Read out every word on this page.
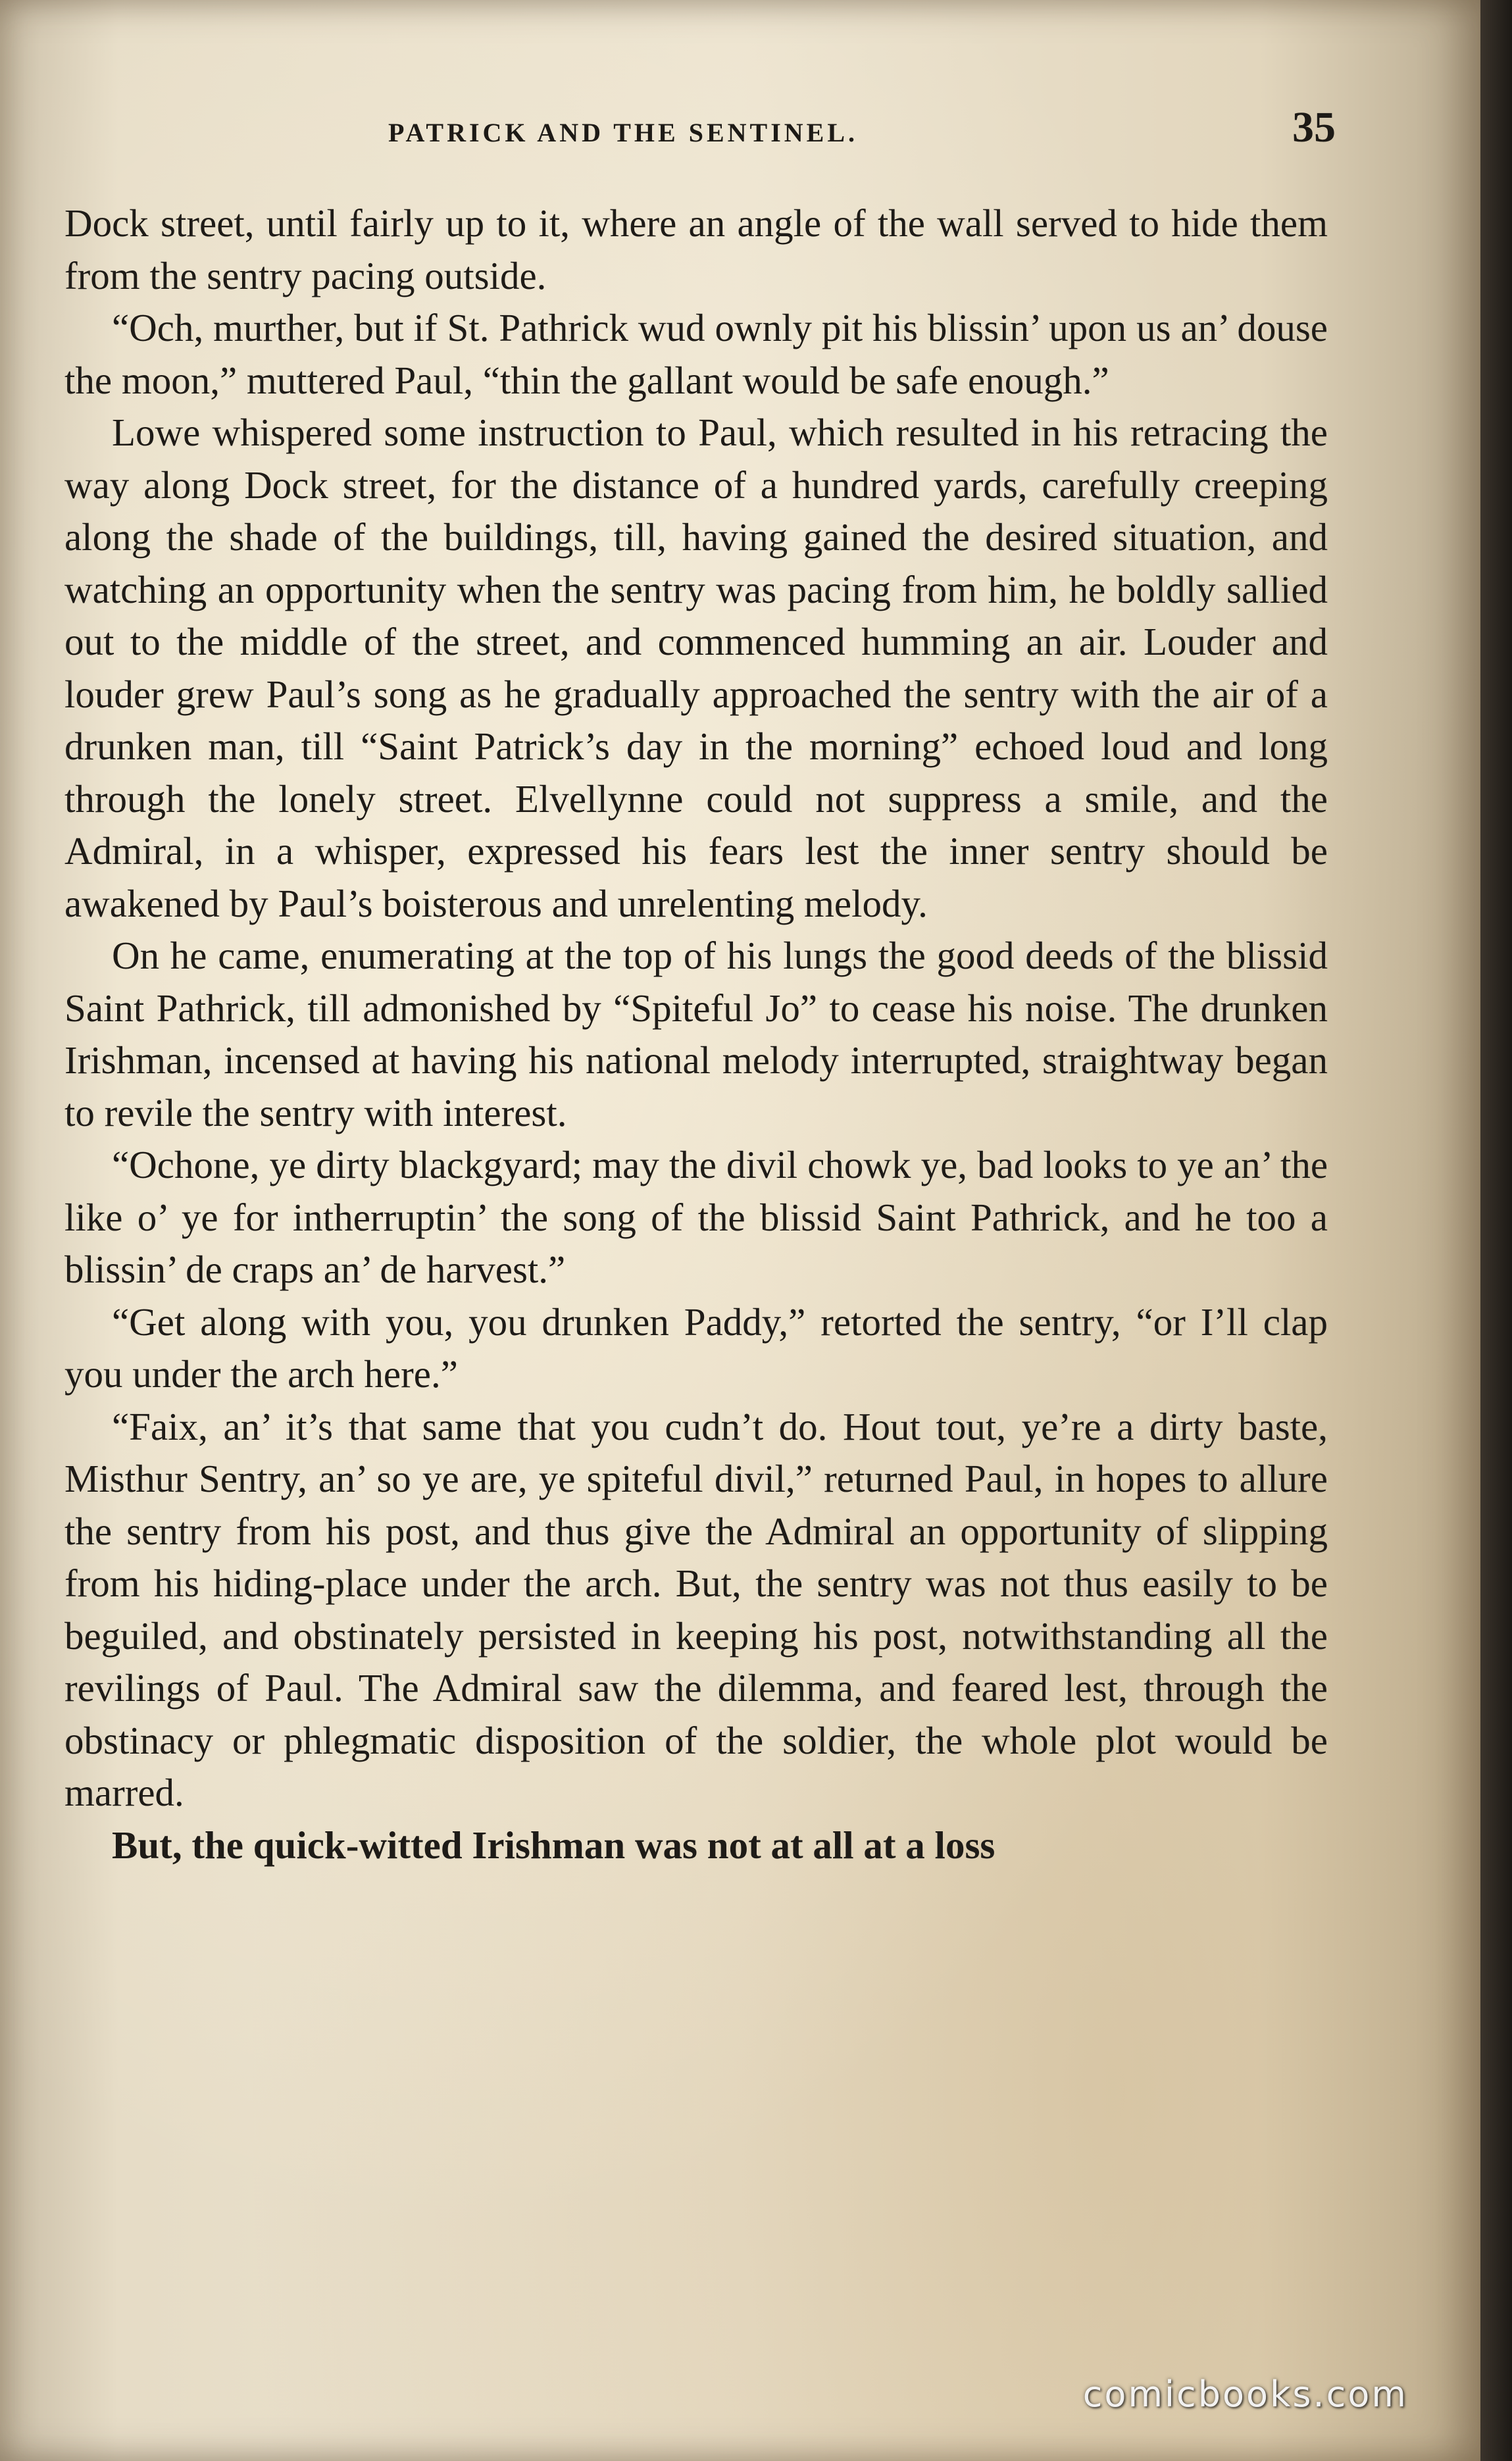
PATRICK AND THE SENTINEL.	35

Dock street, until fairly up to it, where an angle of the wall served to hide them from the sentry pacing outside.

“Och, murther, but if St. Pathrick wud ownly pit his blissin’ upon us an’ douse the moon,” muttered Paul, “thin the gallant would be safe enough.”

Lowe whispered some instruction to Paul, which resulted in his retracing the way along Dock street, for the distance of a hundred yards, carefully creeping along the shade of the buildings, till, having gained the desired situation, and watching an opportunity when the sentry was pacing from him, he boldly sallied out to the middle of the street, and commenced humming an air. Louder and louder grew Paul’s song as he gradually approached the sentry with the air of a drunken man, till “Saint Patrick’s day in the morning” echoed loud and long through the lonely street. Elvellynne could not suppress a smile, and the Admiral, in a whisper, expressed his fears lest the inner sentry should be awakened by Paul’s boisterous and unrelenting melody.

On he came, enumerating at the top of his lungs the good deeds of the blissid Saint Pathrick, till admonished by “Spiteful Jo” to cease his noise. The drunken Irishman, incensed at having his national melody interrupted, straightway began to revile the sentry with interest.

“Ochone, ye dirty blackgyard; may the divil chowk ye, bad looks to ye an’ the like o’ ye for intherruptin’ the song of the blissid Saint Pathrick, and he too a blissin’ de craps an’ de harvest.”

“Get along with you, you drunken Paddy,” retorted the sentry, “or I’ll clap you under the arch here.”

“Faix, an’ it’s that same that you cudn’t do. Hout tout, ye’re a dirty baste, Misthur Sentry, an’ so ye are, ye spiteful divil,” returned Paul, in hopes to allure the sentry from his post, and thus give the Admiral an opportunity of slipping from his hiding-place under the arch. But, the sentry was not thus easily to be beguiled, and obstinately persisted in keeping his post, notwithstanding all the revilings of Paul. The Admiral saw the dilemma, and feared lest, through the obstinacy or phlegmatic disposition of the soldier, the whole plot would be marred.

But, the quick-witted Irishman was not at all at a loss

comicbooks.com
